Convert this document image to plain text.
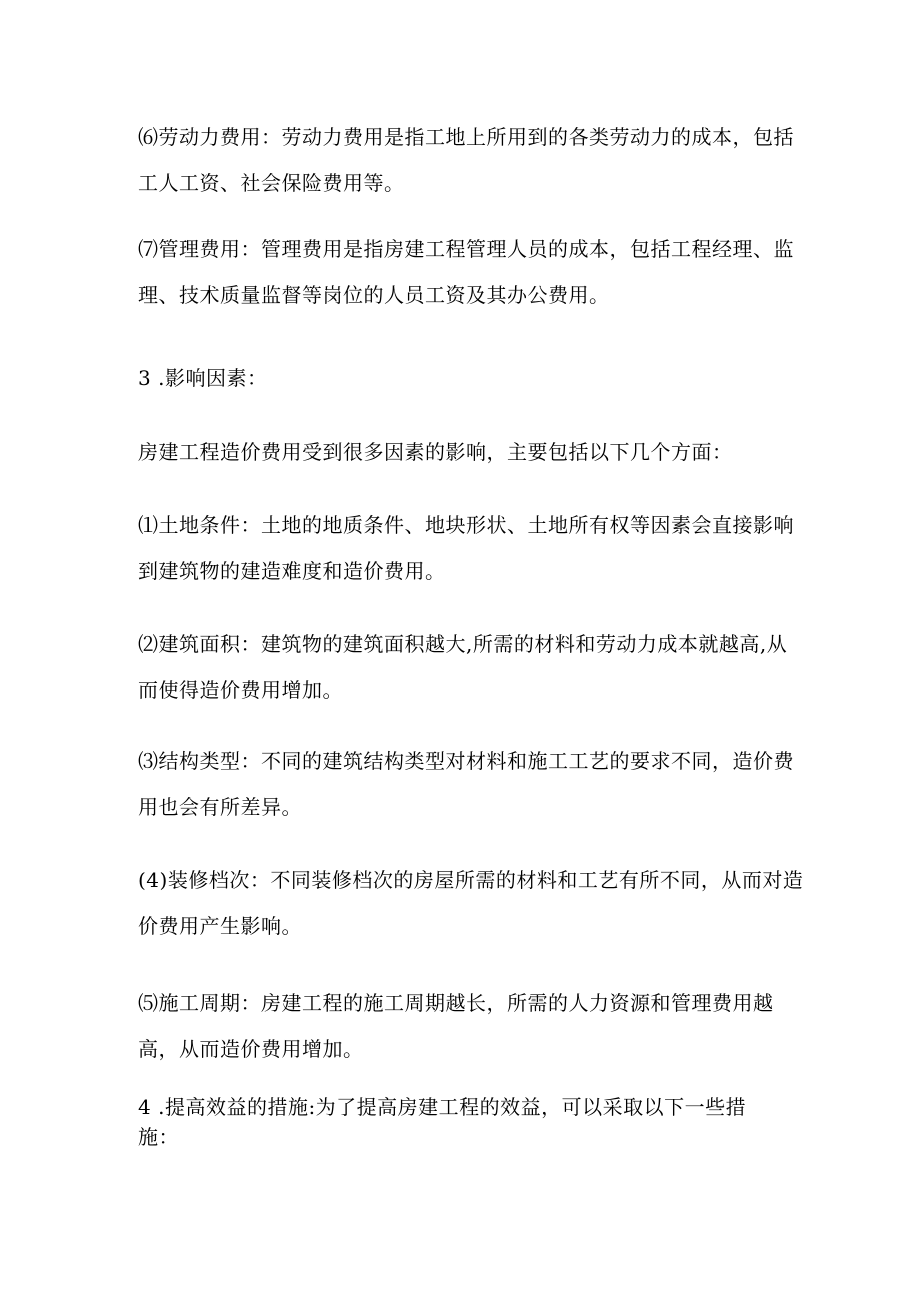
⑹劳动力费用：劳动力费用是指工地上所用到的各类劳动力的成本，包括
工人工资、社会保险费用等。
⑺管理费用：管理费用是指房建工程管理人员的成本，包括工程经理、监
理、技术质量监督等岗位的人员工资及其办公费用。
3 .影响因素：
房建工程造价费用受到很多因素的影响，主要包括以下几个方面：
⑴土地条件：土地的地质条件、地块形状、土地所有权等因素会直接影响
到建筑物的建造难度和造价费用。
⑵建筑面积：建筑物的建筑面积越大,所需的材料和劳动力成本就越高,从
而使得造价费用增加。
⑶结构类型：不同的建筑结构类型对材料和施工工艺的要求不同，造价费
用也会有所差异。
(4)装修档次：不同装修档次的房屋所需的材料和工艺有所不同，从而对造
价费用产生影响。
⑸施工周期：房建工程的施工周期越长，所需的人力资源和管理费用越
高，从而造价费用增加。
4 .提高效益的措施:为了提高房建工程的效益，可以采取以下一些措
施：
